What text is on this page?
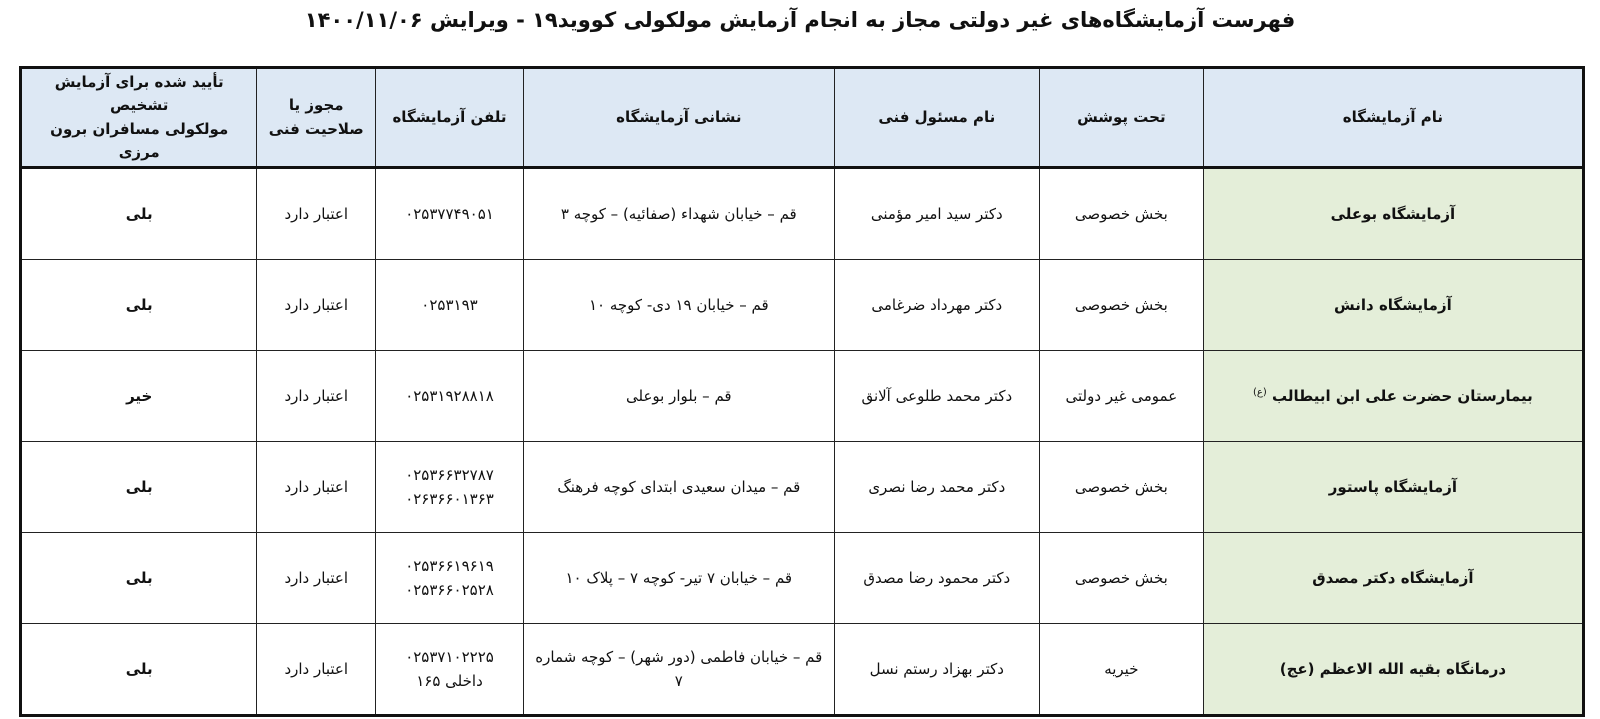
فهرست آزمایشگاه‌های غیر دولتی مجاز به انجام آزمایش مولکولی کووید۱۹ - ویرایش ۱۴۰۰/۱۱/۰۶
نام آزمایشگاه	تحت پوشش	نام مسئول فنی	نشانی آزمایشگاه	تلفن آزمایشگاه	مجوز یا
صلاحیت فنی	تأیید شده برای آزمایش تشخیص
مولکولی مسافران برون مرزی
آزمایشگاه بوعلی	بخش خصوصی	دکتر سید امیر مؤمنی	قم – خیابان شهداء (صفائیه) – کوچه ۳	۰۲۵۳۷۷۴۹۰۵۱	اعتبار دارد	بلی
آزمایشگاه دانش	بخش خصوصی	دکتر مهرداد ضرغامی	قم – خیابان ۱۹ دی- کوچه ۱۰	۰۲۵۳۱۹۳	اعتبار دارد	بلی
بیمارستان حضرت علی ابن ابیطالب $^{(ع)}$	عمومی غیر دولتی	دکتر محمد طلوعی آلانق	قم – بلوار بوعلی	۰۲۵۳۱۹۲۸۸۱۸	اعتبار دارد	خیر
آزمایشگاه پاستور	بخش خصوصی	دکتر محمد رضا نصری	قم – میدان سعیدی ابتدای کوچه فرهنگ	۰۲۵۳۶۶۳۲۷۸۷
۰۲۶۳۶۶۰۱۳۶۳	اعتبار دارد	بلی
آزمایشگاه دکتر مصدق	بخش خصوصی	دکتر محمود رضا مصدق	قم – خیابان ۷ تیر- کوچه ۷ – پلاک ۱۰	۰۲۵۳۶۶۱۹۶۱۹
۰۲۵۳۶۶۰۲۵۲۸	اعتبار دارد	بلی
درمانگاه بقیه الله الاعظم (عج)	خیریه	دکتر بهزاد رستم نسل	قم – خیابان فاطمی (دور شهر) – کوچه شماره ۷	۰۲۵۳۷۱۰۲۲۲۵
داخلی ۱۶۵	اعتبار دارد	بلی
